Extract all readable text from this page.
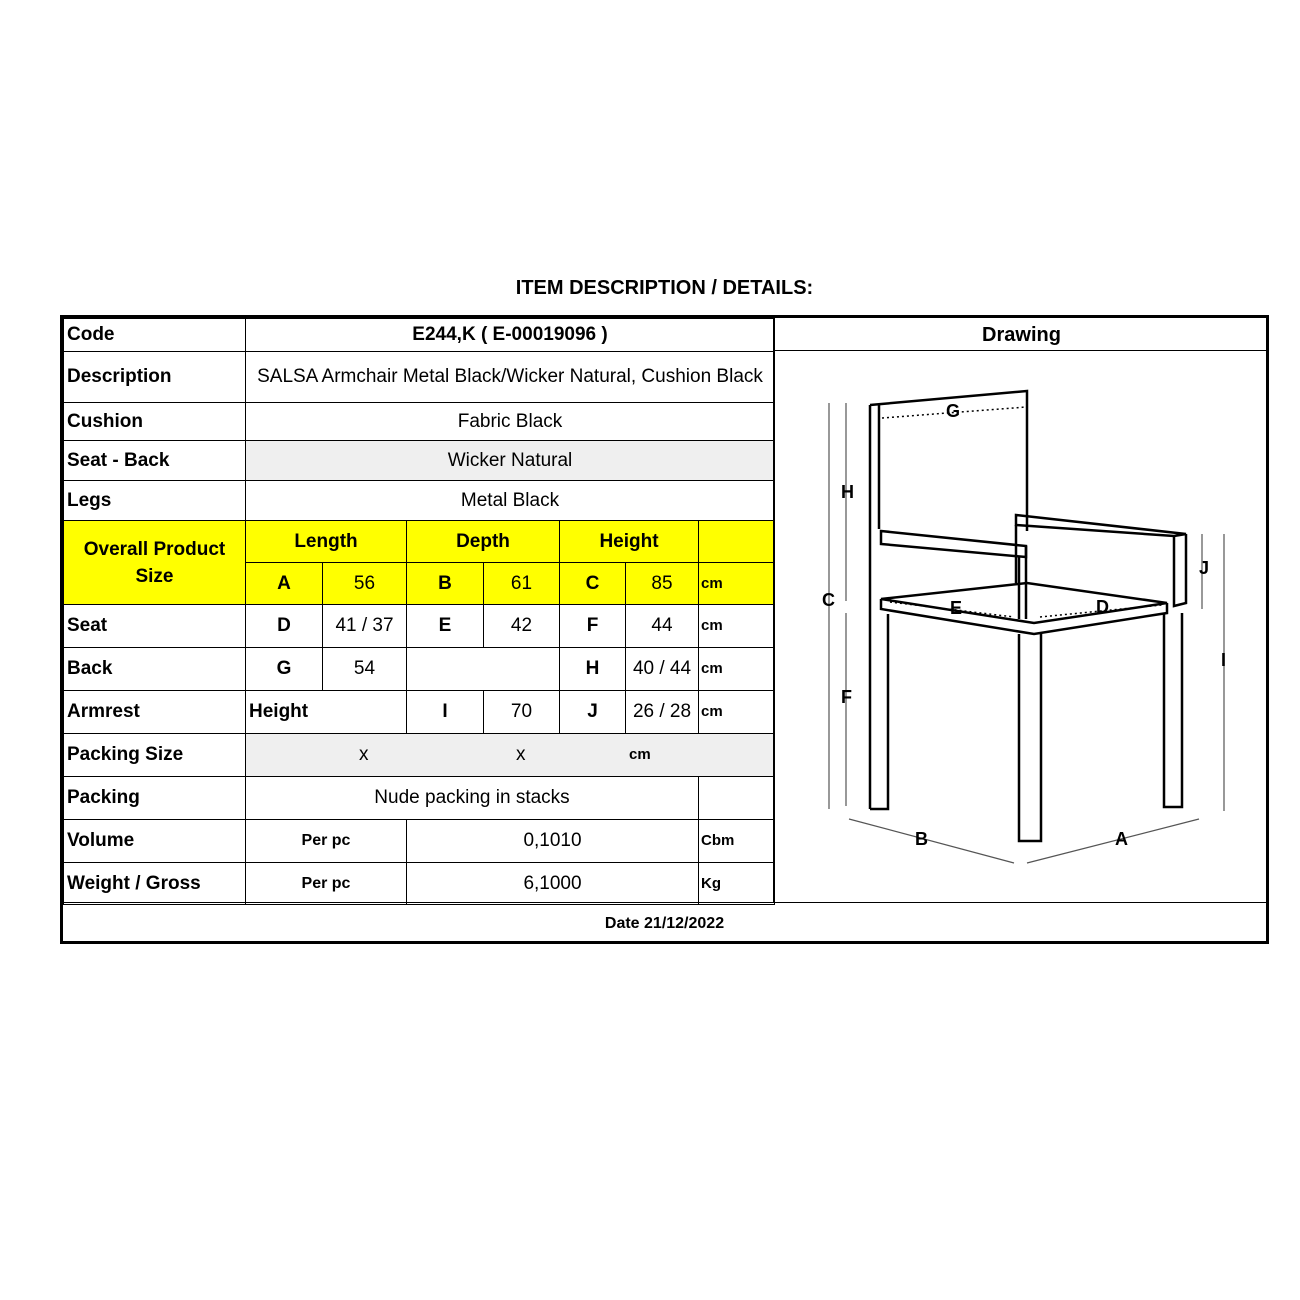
ITEM DESCRIPTION / DETAILS:
Code	E244,K ( E-00019096 )						
Description	SALSA Armchair Metal Black/Wicker Natural, Cushion Black						
Cushion	Fabric Black						
Seat - Back	Wicker Natural						
Legs	Metal Black						
Overall Product Size	Length		Depth		Height		
	A	56	B	61	C	85	cm
Seat	D	41 / 37	E	42	F	44	cm
Back	G	54			H	40 / 44	cm
Armrest	Height		I	70	J	26 / 28	cm
Packing Size	x x cm						

Packing	Nude packing in stacks						
Volume	Per pc		0,1010				Cbm
Weight / Gross	Per pc		6,1000				Kg
Drawing
G
H
C	E	D
F
J
I
B	A
Date 21/12/2022
